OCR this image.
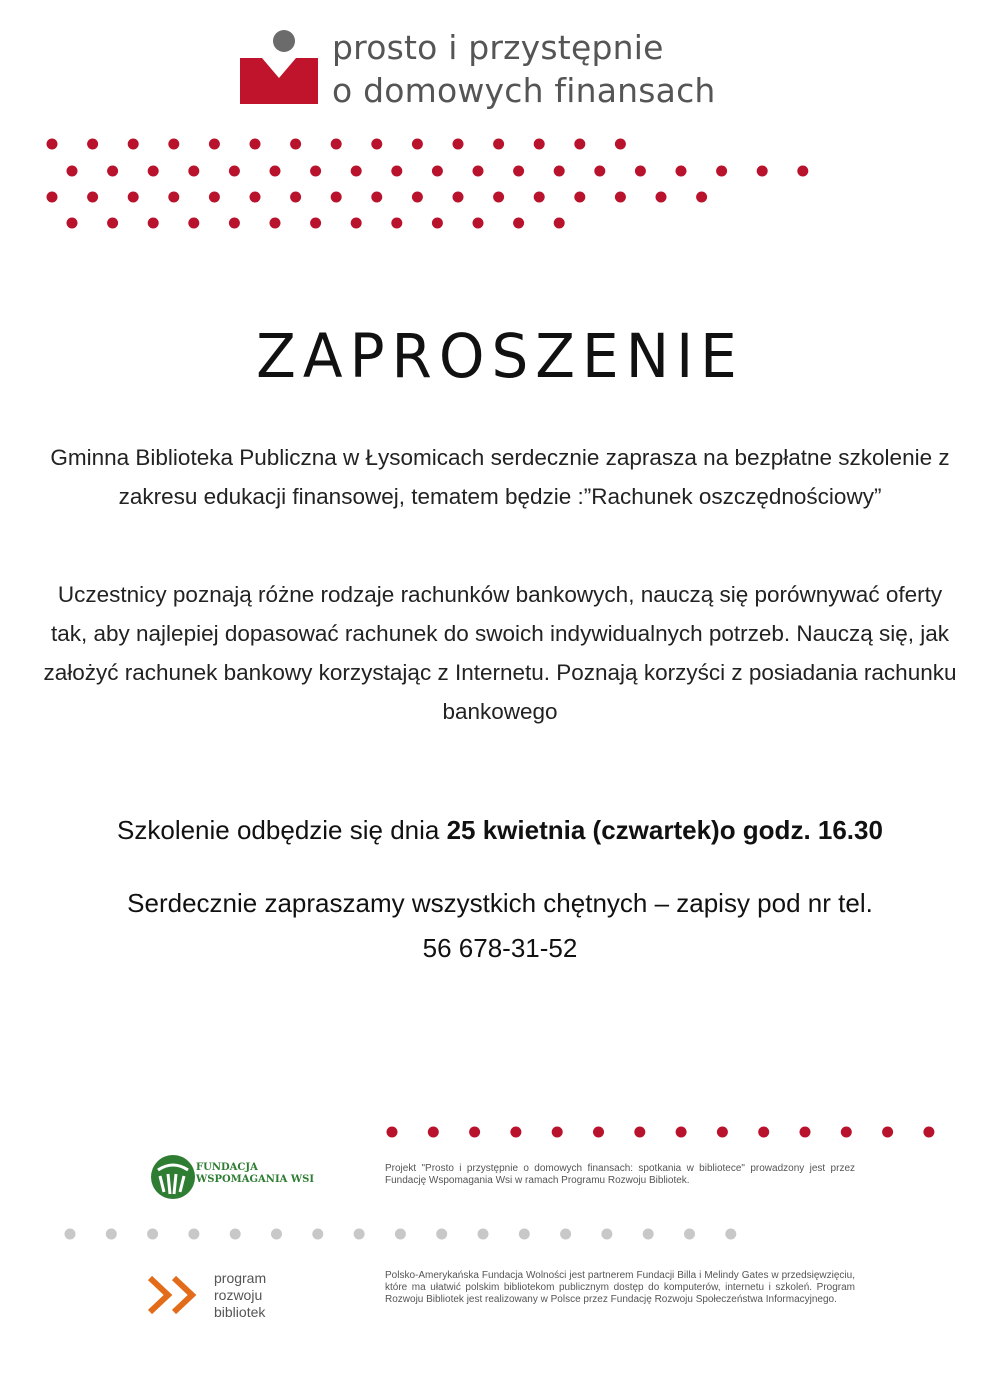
prosto i przystępnie
o domowych finansach
ZAPROSZENIE
Gminna Biblioteka Publiczna w Łysomicach serdecznie zaprasza na bezpłatne szkolenie z zakresu edukacji finansowej, tematem będzie :”Rachunek oszczędnościowy”
Uczestnicy poznają różne rodzaje rachunków bankowych, nauczą się porównywać oferty tak, aby najlepiej dopasować rachunek do swoich indywidualnych potrzeb. Nauczą się, jak założyć rachunek bankowy korzystając z Internetu. Poznają korzyści z posiadania rachunku bankowego
Szkolenie odbędzie się dnia 25 kwietnia (czwartek)o godz. 16.30
Serdecznie zapraszamy wszystkich chętnych – zapisy pod nr tel.
56 678-31-52
FUNDACJA
WSPOMAGANIA WSI
Projekt "Prosto i przystępnie o domowych finansach: spotkania w bibliotece" prowadzony jest przez Fundację Wspomagania Wsi w ramach Programu Rozwoju Bibliotek.
program
rozwoju
bibliotek
Polsko-Amerykańska Fundacja Wolności jest partnerem Fundacji Billa i Melindy Gates w przedsięwzięciu, które ma ułatwić polskim bibliotekom publicznym dostęp do komputerów, internetu i szkoleń. Program Rozwoju Bibliotek jest realizowany w Polsce przez Fundację Rozwoju Społeczeństwa Informacyjnego.
